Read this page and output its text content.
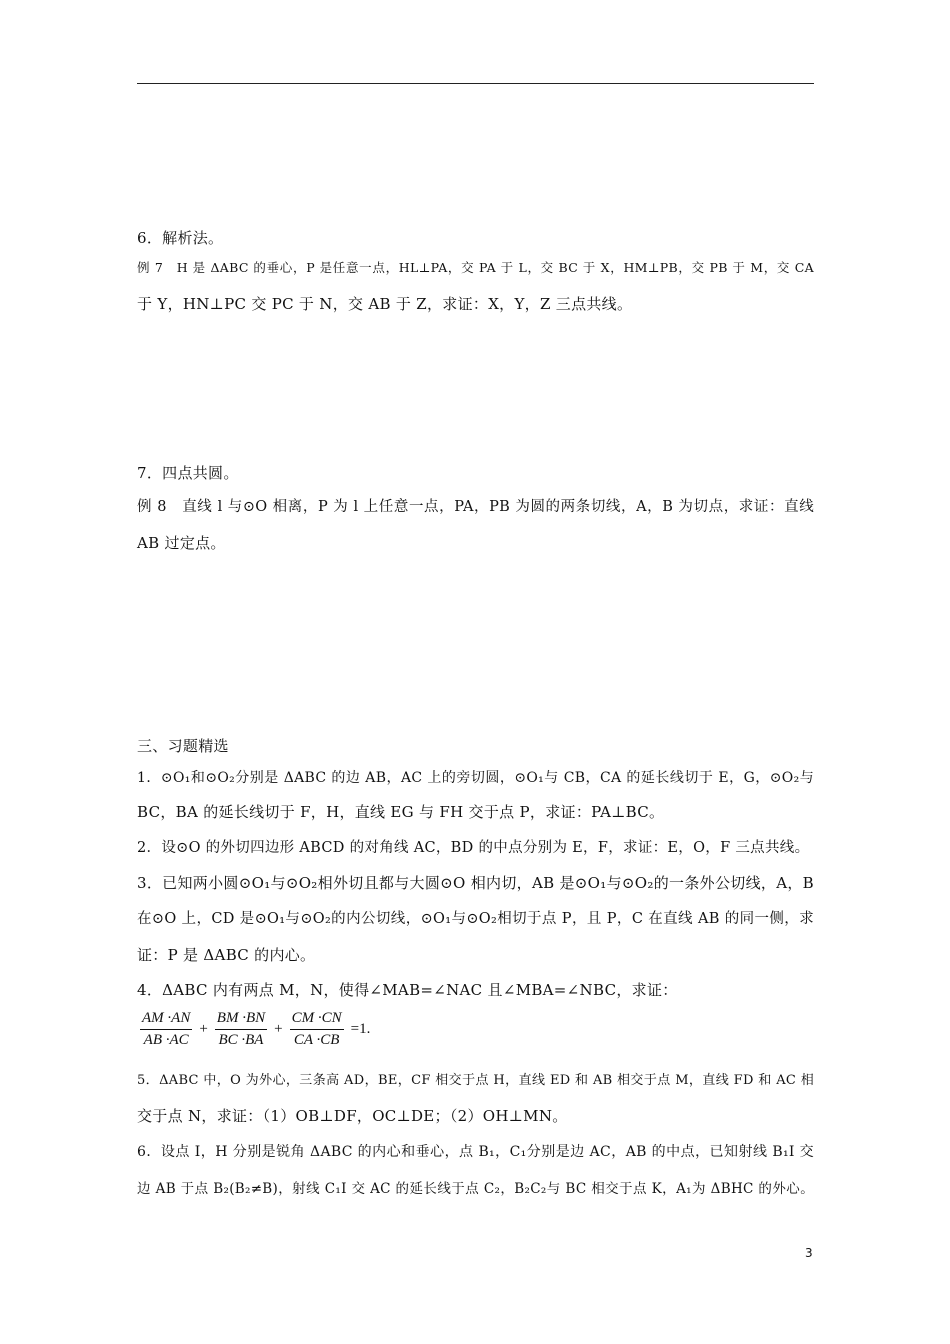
6．解析法。
例 7　H 是 ΔABC 的垂心，P 是任意一点，HL⊥PA，交 PA 于 L，交 BC 于 X，HM⊥PB，交 PB 于 M，交 CA
于 Y，HN⊥PC 交 PC 于 N，交 AB 于 Z，求证：X，Y，Z 三点共线。
7．四点共圆。
例 8　直线 l 与⊙O 相离，P 为 l 上任意一点，PA，PB 为圆的两条切线，A，B 为切点，求证：直线
AB 过定点。
三、习题精选
1．⊙O₁和⊙O₂分别是 ΔABC 的边 AB，AC 上的旁切圆，⊙O₁与 CB，CA 的延长线切于 E，G，⊙O₂与
BC，BA 的延长线切于 F，H，直线 EG 与 FH 交于点 P，求证：PA⊥BC。
2．设⊙O 的外切四边形 ABCD 的对角线 AC，BD 的中点分别为 E，F，求证：E，O，F 三点共线。
3．已知两小圆⊙O₁与⊙O₂相外切且都与大圆⊙O 相内切，AB 是⊙O₁与⊙O₂的一条外公切线，A，B
在⊙O 上，CD 是⊙O₁与⊙O₂的内公切线，⊙O₁与⊙O₂相切于点 P，且 P，C 在直线 AB 的同一侧，求
证：P 是 ΔABC 的内心。
4．ΔABC 内有两点 M，N，使得∠MAB=∠NAC 且∠MBA=∠NBC，求证：
$\frac{AM \cdot AN}{AB \cdot AC} + \frac{BM \cdot BN}{BC \cdot BA} + \frac{CM \cdot CN}{CA \cdot CB} =1$.
5．ΔABC 中，O 为外心，三条高 AD，BE，CF 相交于点 H，直线 ED 和 AB 相交于点 M，直线 FD 和 AC 相
交于点 N，求证：（1）OB⊥DF，OC⊥DE；（2）OH⊥MN。
6．设点 I，H 分别是锐角 ΔABC 的内心和垂心，点 B₁，C₁分别是边 AC，AB 的中点，已知射线 B₁I 交
边 AB 于点 B₂(B₂≠B)，射线 C₁I 交 AC 的延长线于点 C₂，B₂C₂与 BC 相交于点 K，A₁为 ΔBHC 的外心。
3
